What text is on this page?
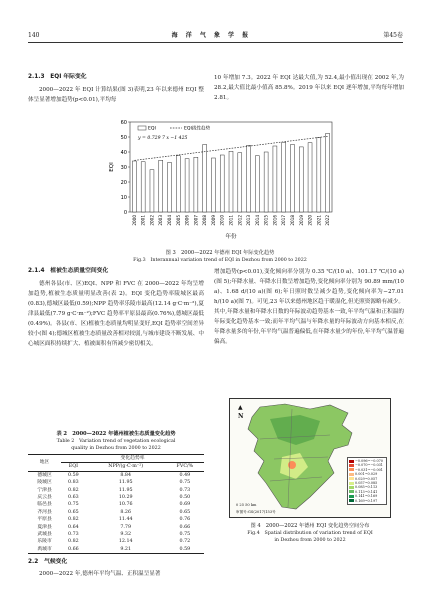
140	海 洋 气 象 学 报	第45卷
2.1.3　EQI 年际变化

2000—2022 年 EQI 计算结果(图 3)表明,23 年以来德州 EQI 整体呈显著增加趋势(p<0.01),平均每

10 年增加 7.3。2022 年 EQI 达最大值,为 52.4,最小值出现在 2002 年,为 28.2,最大值比最小值高 85.8%。2019 年以来 EQI 逐年增加,平均每年增加 2.81。

0
10
20
30
40
50
60
EQI
2000 2001 2002 2003 2004 2005 2006 2007 2008 2009 2010 2011 2012 2013 2014 2015 2016 2017 2018 2019 2020 2021 2022
年份
EQI	EQI线性趋势
y = 0.729 7 x −1 425
图 3　2000—2022 年德州 EQI 年际变化趋势
Fig.3　Interannual variation trend of EQI in Dezhou from 2000 to 2022
2.1.4　植被生态质量空间变化

德州各县(市、区)EQI、NPP 和 FVC 在 2000—2022 年均呈增加趋势,植被生态质量明显改善(表 2)。EQI 变化趋势率陵城区最高(0.83),德城区最低(0.59);NPP 趋势率乐陵市最高(12.14 g·C·m⁻²),夏津县最低(7.79 g·C·m⁻²);FVC 趋势率平原县最高(0.76%),德城区最低(0.49%)。各县(市、区)植被生态质量均明显变好,EQI 趋势率空间差异较小(图 4);德城区植被生态质量改善相对较弱,与城市建设不断发展、中心城区面积持续扩大、植被面积有所减少密切相关。

表 2　2000—2022 年德州植被生态质量变化趋势
Table 2　Variation trend of vegetation ecological
quality in Dezhou from 2000 to 2022
地区	变化趋势率		
	EQI	NPP/(g·C·m⁻²)	FVC/%
德城区	0.59	8.84	0.49
陵城区	0.83	11.95	0.75
宁津县	0.82	11.95	0.73
庆云县	0.63	10.29	0.50
临邑县	0.75	10.76	0.69
齐河县	0.65	8.26	0.65
平原县	0.82	11.44	0.76
夏津县	0.64	7.79	0.66
武城县	0.73	9.32	0.75
乐陵市	0.82	12.14	0.72
禹城市	0.66	9.21	0.59
2.2　气候变化

2000—2022 年,德州年平均气温、正积温呈显著

增加趋势(p<0.01),变化倾向率分别为 0.35 ℃/(10 a)、101.17 ℃/(10 a)(图 5);年降水量、年降水日数呈增加趋势,变化倾向率分别为 90.89 mm/(10 a)、1.68 d/(10 a)(图 6);年日照时数呈减少趋势,变化倾向率为−27.01 h/(10 a)(图 7)。可见,23 年以来德州地区趋于暖湿化,但光照资源略有减少。其中,年降水量和年降水日数的年际波动趋势基本一致,年平均气温和正积温的年际变化趋势基本一致;而年平均气温与年降水量的年际波动方向基本相反,在年降水量多的年份,年平均气温普遍偏低,在年降水量少的年份,年平均气温普遍偏高。

▲
N
−0.096~−0.070
−0.070~−0.031
−0.031~−0.001
0.001~0.029
0.029~0.057
0.057~0.085
0.085~0.113
0.113~0.141
0.141~0.169
0.169~0.197
0 25 50 km
审图号:GS(2017)153号
图 4　2000—2022 年德州 EQI 变化趋势空间分布
Fig.4　Spatial distribution of variation trend of EQI
in Dezhou from 2000 to 2022
